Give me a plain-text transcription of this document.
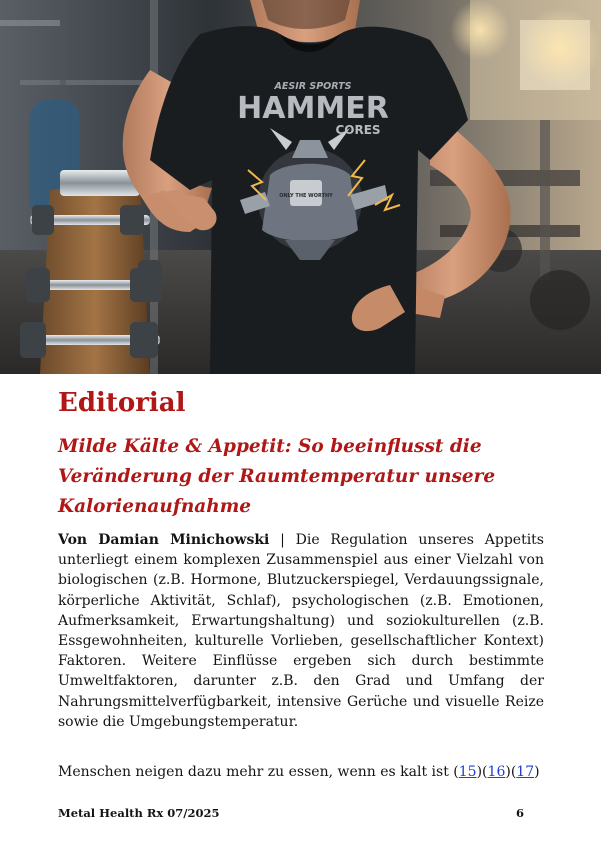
AESIR SPORTS
HAMMER
CORES
ONLY THE WORTHY
Editorial
Milde Kälte & Appetit: So beeinflusst die Veränderung der Raumtemperatur unsere Kalorienaufnahme

Von Damian Minichowski | Die Regulation unseres Appetits unterliegt einem komplexen Zusammenspiel aus einer Vielzahl von biologischen (z.B. Hormone, Blutzuckerspiegel, Verdauungssignale, körperliche Aktivität, Schlaf), psychologischen (z.B. Emotionen, Aufmerksamkeit, Erwartungshaltung) und soziokulturellen (z.B. Essgewohnheiten, kulturelle Vorlieben, gesellschaftlicher Kontext) Faktoren. Weitere Einflüsse ergeben sich durch bestimmte Umweltfaktoren, darunter z.B. den Grad und Umfang der Nahrungsmittelverfügbarkeit, intensive Gerüche und visuelle Reize sowie die Umgebungstemperatur.

Menschen neigen dazu mehr zu essen, wenn es kalt ist (15)(16)(17)

Metal Health Rx 07/2025	6
